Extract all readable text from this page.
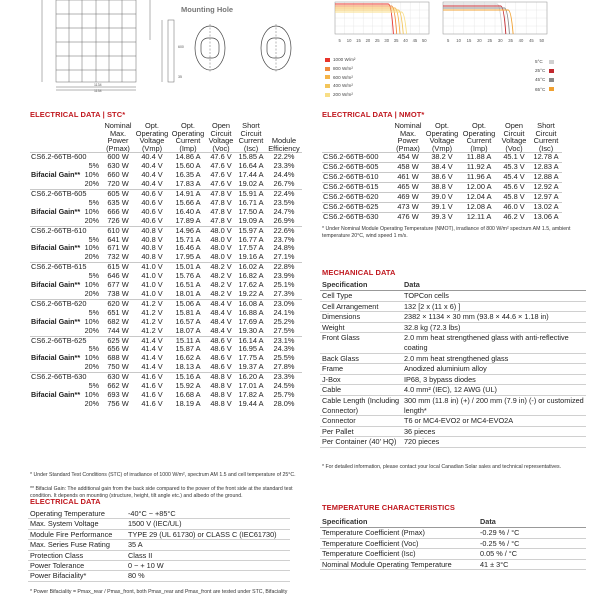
1134
1134
600
35
Mounting Hole
5 10 15 20 25 30 35 40 45 50	5 10 15 20 25 30 35 40 45 50
1000 W/m²
800 W/m²
600 W/m²
400 W/m²
200 W/m²
5°C
25°C
45°C
65°C
ELECTRICAL DATA | STC*
	Nominal Max. Power (Pmax)	Opt. Operating Voltage (Vmp)	Opt. Operating Current (Imp)	Open Circuit Voltage (Voc)	Short Circuit Current (Isc)	Module Efficiency
CS6.2-66TB-600	600 W	40.4 V	14.86 A	47.6 V	15.85 A	22.2%

5%	630 W	40.4 V	15.60 A	47.6 V	16.64 A	23.3%

Bifacial Gain** 10%	660 W	40.4 V	16.35 A	47.6 V	17.44 A	24.4%

20%	720 W	40.4 V	17.83 A	47.6 V	19.02 A	26.7%
CS6.2-66TB-605	605 W	40.6 V	14.91 A	47.8 V	15.91 A	22.4%

5%	635 W	40.6 V	15.66 A	47.8 V	16.71 A	23.5%

Bifacial Gain** 10%	666 W	40.6 V	16.40 A	47.8 V	17.50 A	24.7%

20%	726 W	40.6 V	17.89 A	47.8 V	19.09 A	26.9%
CS6.2-66TB-610	610 W	40.8 V	14.96 A	48.0 V	15.97 A	22.6%

5%	641 W	40.8 V	15.71 A	48.0 V	16.77 A	23.7%

Bifacial Gain** 10%	671 W	40.8 V	16.46 A	48.0 V	17.57 A	24.8%

20%	732 W	40.8 V	17.95 A	48.0 V	19.16 A	27.1%
CS6.2-66TB-615	615 W	41.0 V	15.01 A	48.2 V	16.02 A	22.8%

5%	646 W	41.0 V	15.76 A	48.2 V	16.82 A	23.9%

Bifacial Gain** 10%	677 W	41.0 V	16.51 A	48.2 V	17.62 A	25.1%

20%	738 W	41.0 V	18.01 A	48.2 V	19.22 A	27.3%
CS6.2-66TB-620	620 W	41.2 V	15.06 A	48.4 V	16.08 A	23.0%

5%	651 W	41.2 V	15.81 A	48.4 V	16.88 A	24.1%

Bifacial Gain** 10%	682 W	41.2 V	16.57 A	48.4 V	17.69 A	25.2%

20%	744 W	41.2 V	18.07 A	48.4 V	19.30 A	27.5%
CS6.2-66TB-625	625 W	41.4 V	15.11 A	48.6 V	16.14 A	23.1%

5%	656 W	41.4 V	15.87 A	48.6 V	16.95 A	24.3%

Bifacial Gain** 10%	688 W	41.4 V	16.62 A	48.6 V	17.75 A	25.5%

20%	750 W	41.4 V	18.13 A	48.6 V	19.37 A	27.8%
CS6.2-66TB-630	630 W	41.6 V	15.16 A	48.8 V	16.20 A	23.3%

5%	662 W	41.6 V	15.92 A	48.8 V	17.01 A	24.5%

Bifacial Gain** 10%	693 W	41.6 V	16.68 A	48.8 V	17.82 A	25.7%

20%	756 W	41.6 V	18.19 A	48.8 V	19.44 A	28.0%
* Under Standard Test Conditions (STC) of irradiance of 1000 W/m², spectrum AM 1.5 and cell temperature of 25°C.
** Bifacial Gain: The additional gain from the back side compared to the power of the front side at the standard test condition. It depends on mounting (structure, height, tilt angle etc.) and albedo of the ground.
ELECTRICAL DATA | NMOT*
	Nominal Max. Power (Pmax)	Opt. Operating Voltage (Vmp)	Opt. Operating Current (Imp)	Open Circuit Voltage (Voc)	Short Circuit Current (Isc)
CS6.2-66TB-600	454 W	38.2 V	11.88 A	45.1 V	12.78 A
CS6.2-66TB-605	458 W	38.4 V	11.92 A	45.3 V	12.83 A
CS6.2-66TB-610	461 W	38.6 V	11.96 A	45.4 V	12.88 A
CS6.2-66TB-615	465 W	38.8 V	12.00 A	45.6 V	12.92 A
CS6.2-66TB-620	469 W	39.0 V	12.04 A	45.8 V	12.97 A
CS6.2-66TB-625	473 W	39.1 V	12.08 A	46.0 V	13.02 A
CS6.2-66TB-630	476 W	39.3 V	12.11 A	46.2 V	13.06 A
* Under Nominal Module Operating Temperature (NMOT), irradiance of 800 W/m² spectrum AM 1.5, ambient temperature 20°C, wind speed 1 m/s.
MECHANICAL DATA
Specification	Data
Cell Type	TOPCon cells
Cell Arrangement	132 [2 x (11 x 6) ]
Dimensions	2382 × 1134 × 30 mm (93.8 × 44.6 × 1.18 in)
Weight	32.8 kg (72.3 lbs)
Front Glass	2.0 mm heat strengthened glass with anti-reflective coating
Back Glass	2.0 mm heat strengthened glass
Frame	Anodized aluminium alloy
J-Box	IP68, 3 bypass diodes
Cable	4.0 mm² (IEC), 12 AWG (UL)
Cable Length (Including Connector)	300 mm (11.8 in) (+) / 200 mm (7.9 in) (-) or customized length*
Connector	T6 or MC4-EVO2 or MC4-EVO2A
Per Pallet	36 pieces
Per Container (40' HQ)	720 pieces
* For detailed information, please contact your local Canadian Solar sales and technical representatives.
ELECTRICAL DATA
Operating Temperature	-40°C ~ +85°C
Max. System Voltage	1500 V (IEC/UL)
Module Fire Performance	TYPE 29 (UL 61730) or CLASS C (IEC61730)
Max. Series Fuse Rating	35 A
Protection Class	Class II
Power Tolerance	0 ~ + 10 W
Power Bifaciality*	80 %
* Power Bifaciality = Pmax_rear / Pmax_front, both Pmax_rear and Pmax_front are tested under STC, Bifaciality
TEMPERATURE CHARACTERISTICS
Specification	Data
Temperature Coefficient (Pmax)	-0.29 % / °C
Temperature Coefficient (Voc)	-0.25 % / °C
Temperature Coefficient (Isc)	0.05 % / °C
Nominal Module Operating Temperature	41 ± 3°C
